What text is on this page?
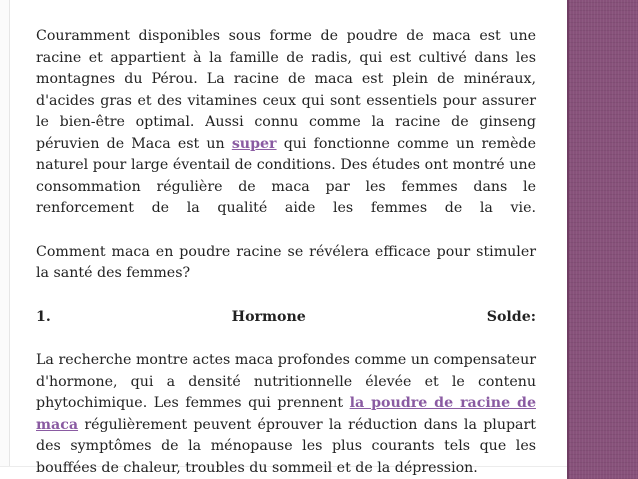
Couramment disponibles sous forme de poudre de maca est une racine et appartient à la famille de radis, qui est cultivé dans les montagnes du Pérou. La racine de maca est plein de minéraux, d'acides gras et des vitamines ceux qui sont essentiels pour assurer le bien-être optimal. Aussi connu comme la racine de ginseng péruvien de Maca est un super qui fonctionne comme un remède naturel pour large éventail de conditions. Des études ont montré une consommation régulière de maca par les femmes dans le renforcement de la qualité aide les femmes de la vie.

Comment maca en poudre racine se révélera efficace pour stimuler la santé des femmes?

1.	Hormone	Solde:

La recherche montre actes maca profondes comme un compensateur d'hormone, qui a densité nutritionnelle élevée et le contenu phytochimique. Les femmes qui prennent la poudre de racine de maca régulièrement peuvent éprouver la réduction dans la plupart des symptômes de la ménopause les plus courants tels que les bouffées de chaleur, troubles du sommeil et de la dépression.
